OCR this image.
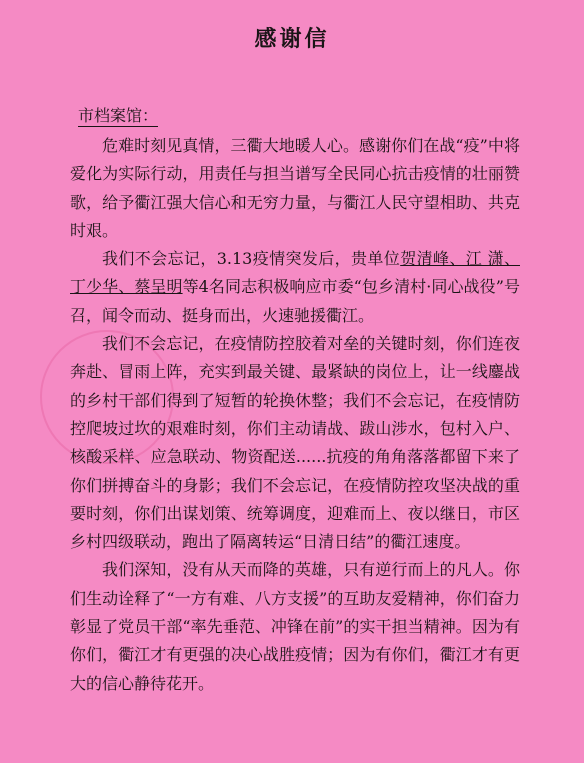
感谢信
市档案馆：

危难时刻见真情，三衢大地暖人心。感谢你们在战“疫”中将爱化为实际行动，用责任与担当谱写全民同心抗击疫情的壮丽赞歌，给予衢江强大信心和无穷力量，与衢江人民守望相助、共克时艰。

我们不会忘记，3.13疫情突发后，贵单位贺清峰、江 潇、丁少华、蔡呈明等4名同志积极响应市委“包乡清村·同心战役”号召，闻令而动、挺身而出，火速驰援衢江。

我们不会忘记，在疫情防控胶着对垒的关键时刻，你们连夜奔赴、冒雨上阵，充实到最关键、最紧缺的岗位上，让一线鏖战的乡村干部们得到了短暂的轮换休整；我们不会忘记，在疫情防控爬坡过坎的艰难时刻，你们主动请战、跋山涉水，包村入户、核酸采样、应急联动、物资配送......抗疫的角角落落都留下来了你们拼搏奋斗的身影；我们不会忘记，在疫情防控攻坚决战的重要时刻，你们出谋划策、统筹调度，迎难而上、夜以继日，市区乡村四级联动，跑出了隔离转运“日清日结”的衢江速度。

我们深知，没有从天而降的英雄，只有逆行而上的凡人。你们生动诠释了“一方有难、八方支援”的互助友爱精神，你们奋力彰显了党员干部“率先垂范、冲锋在前”的实干担当精神。因为有你们，衢江才有更强的决心战胜疫情；因为有你们，衢江才有更大的信心静待花开。
